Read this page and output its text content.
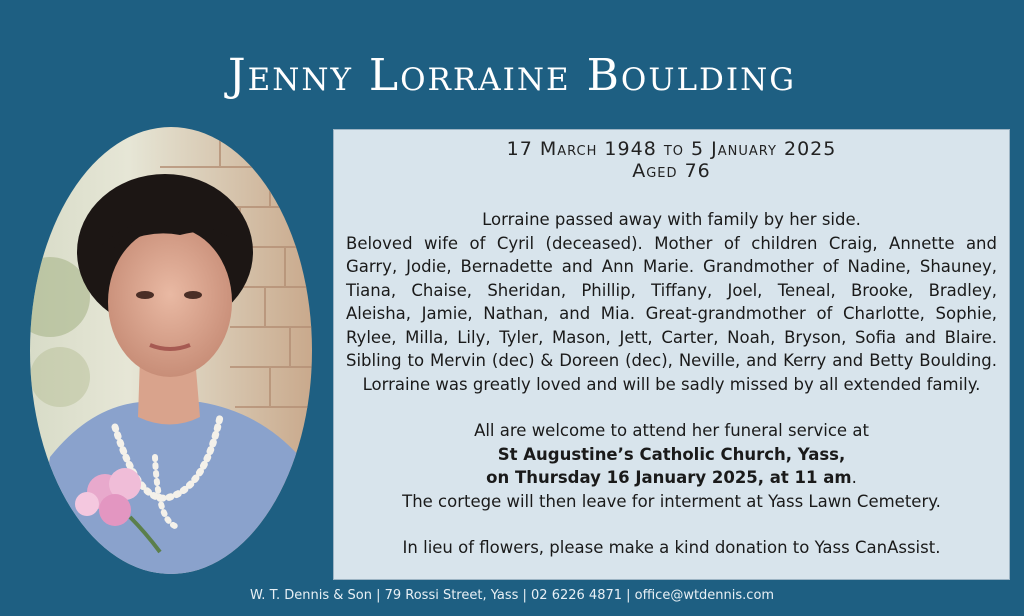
Jenny Lorraine Boulding
17 March 1948 to 5 January 2025
Aged 76
Lorraine passed away with family by her side.
Beloved wife of Cyril (deceased). Mother of children Craig, Annette and
Garry, Jodie, Bernadette and Ann Marie. Grandmother of Nadine, Shauney,
Tiana, Chaise, Sheridan, Phillip, Tiffany, Joel, Teneal, Brooke, Bradley,
Aleisha, Jamie, Nathan, and Mia. Great-grandmother of Charlotte, Sophie,
Rylee, Milla, Lily, Tyler, Mason, Jett, Carter, Noah, Bryson, Sofia and Blaire.
Sibling to Mervin (dec) & Doreen (dec), Neville, and Kerry and Betty Boulding.
Lorraine was greatly loved and will be sadly missed by all extended family.
All are welcome to attend her funeral service at
St Augustine’s Catholic Church, Yass,
on Thursday 16 January 2025, at 11 am.
The cortege will then leave for interment at Yass Lawn Cemetery.
In lieu of flowers, please make a kind donation to Yass CanAssist.
W. T. Dennis & Son | 79 Rossi Street, Yass | 02 6226 4871 | office@wtdennis.com
